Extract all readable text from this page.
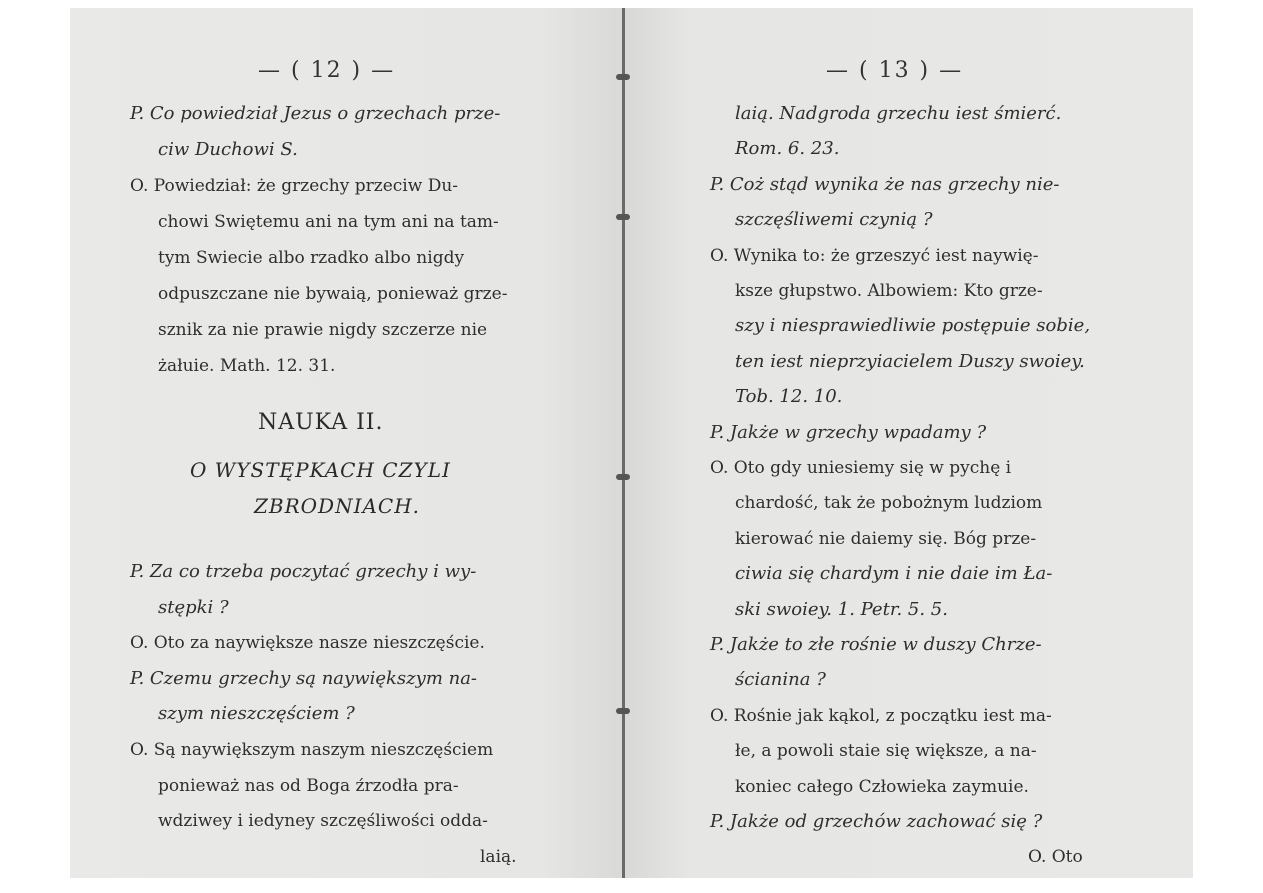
— ( 12 ) —
P. Co powiedział Jezus o grzechach prze-
ciw Duchowi S.
O. Powiedział: że grzechy przeciw Du-
chowi Swiętemu ani na tym ani na tam-
tym Swiecie albo rzadko albo nigdy
odpuszczane nie bywaią, ponieważ grze-
sznik za nie prawie nigdy szczerze nie
żałuie. Math. 12. 31.
NAUKA II.
O WYSTĘPKACH CZYLI
ZBRODNIACH.
P. Za co trzeba poczytać grzechy i wy-
stępki ?
O. Oto za naywiększe nasze nieszczęście.
P. Czemu grzechy są naywiększym na-
szym nieszczęściem ?
O. Są naywiększym naszym nieszczęściem
ponieważ nas od Boga źrzodła pra-
wdziwey i iedyney szczęśliwości odda-
laią.
— ( 13 ) —
laią. Nadgroda grzechu iest śmierć.
Rom. 6. 23.
P. Coż stąd wynika że nas grzechy nie-
szczęśliwemi czynią ?
O. Wynika to: że grzeszyć iest naywię-
ksze głupstwo. Albowiem: Kto grze-
szy i niesprawiedliwie postępuie sobie,
ten iest nieprzyiacielem Duszy swoiey.
Tob. 12. 10.
P. Jakże w grzechy wpadamy ?
O. Oto gdy uniesiemy się w pychę i
chardość, tak że pobożnym ludziom
kierować nie daiemy się. Bóg prze-
ciwia się chardym i nie daie im Ła-
ski swoiey. 1. Petr. 5. 5.
P. Jakże to złe rośnie w duszy Chrze-
ścianina ?
O. Rośnie jak kąkol, z początku iest ma-
łe, a powoli staie się większe, a na-
koniec całego Człowieka zaymuie.
P. Jakże od grzechów zachować się ?
O. Oto
